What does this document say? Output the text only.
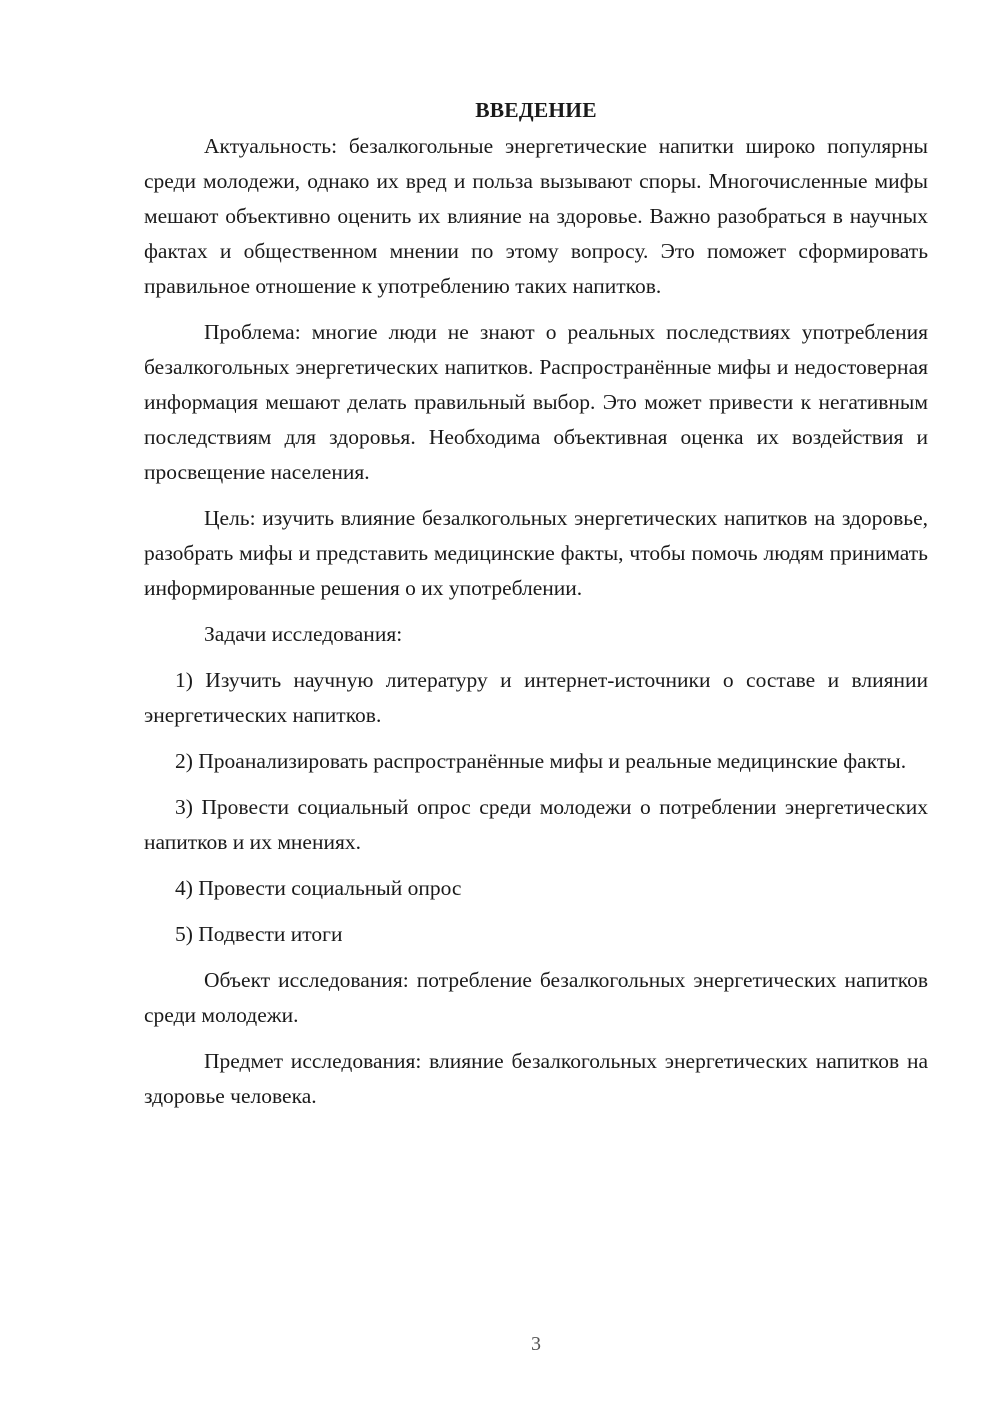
ВВЕДЕНИЕ

Актуальность: безалкогольные энергетические напитки широко популярны среди молодежи, однако их вред и польза вызывают споры. Многочисленные мифы мешают объективно оценить их влияние на здоровье. Важно разобраться в научных фактах и общественном мнении по этому вопросу. Это поможет сформировать правильное отношение к употреблению таких напитков.

Проблема: многие люди не знают о реальных последствиях употребления безалкогольных энергетических напитков. Распространённые мифы и недостоверная информация мешают делать правильный выбор. Это может привести к негативным последствиям для здоровья. Необходима объективная оценка их воздействия и просвещение населения.

Цель: изучить влияние безалкогольных энергетических напитков на здоровье, разобрать мифы и представить медицинские факты, чтобы помочь людям принимать информированные решения о их употреблении.

Задачи исследования:

1) Изучить научную литературу и интернет-источники о составе и влиянии энергетических напитков.

2) Проанализировать распространённые мифы и реальные медицинские факты.

3) Провести социальный опрос среди молодежи о потреблении энергетических напитков и их мнениях.

4) Провести социальный опрос

5) Подвести итоги

Объект исследования: потребление безалкогольных энергетических напитков среди молодежи.

Предмет исследования: влияние безалкогольных энергетических напитков на здоровье человека.

3
